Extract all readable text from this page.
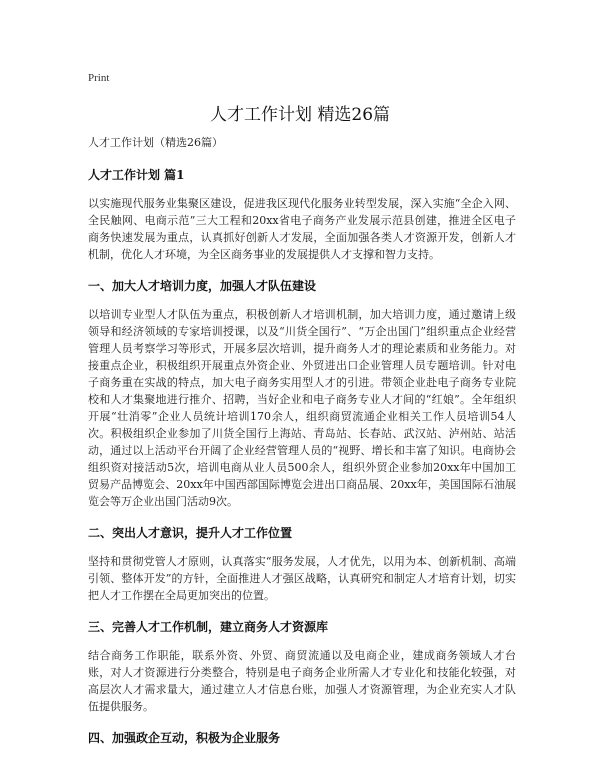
Print
人才工作计划 精选26篇
人才工作计划（精选26篇）
人才工作计划 篇1

以实施现代服务业集聚区建设，促进我区现代化服务业转型发展，深入实施“全企入网、全民触网、电商示范”三大工程和20xx省电子商务产业发展示范县创建，推进全区电子商务快速发展为重点，认真抓好创新人才发展，全面加强各类人才资源开发，创新人才机制，优化人才环境，为全区商务事业的发展提供人才支撑和智力支持。

一、加大人才培训力度，加强人才队伍建设

以培训专业型人才队伍为重点，积极创新人才培训机制，加大培训力度，通过邀请上级领导和经济领域的专家培训授课，以及“川货全国行”、“万企出国门”组织重点企业经营管理人员考察学习等形式，开展多层次培训，提升商务人才的理论素质和业务能力。对接重点企业，积极组织开展重点外资企业、外贸进出口企业管理人员专题培训。针对电子商务重在实战的特点，加大电子商务实用型人才的引进。带领企业赴电子商务专业院校和人才集聚地进行推介、招聘，当好企业和电子商务专业人才间的“红娘”。全年组织开展“壮消零”企业人员统计培训170余人，组织商贸流通企业相关工作人员培训54人次。积极组织企业参加了川货全国行上海站、青岛站、长春站、武汉站、泸州站、站活动，通过以上活动平台开阔了企业经营管理人员的“视野、增长和丰富了知识。电商协会组织资对接活动5次，培训电商从业人员500余人，组织外贸企业参加20xx年中国加工贸易产品博览会、20xx年中国西部国际博览会进出口商品展、20xx年，美国国际石油展览会等万企业出国门活动9次。

二、突出人才意识，提升人才工作位置

坚持和贯彻党管人才原则，认真落实“服务发展，人才优先，以用为本、创新机制、高端引领、整体开发”的方针，全面推进人才强区战略，认真研究和制定人才培育计划，切实把人才工作摆在全局更加突出的位置。

三、完善人才工作机制，建立商务人才资源库

结合商务工作职能，联系外资、外贸、商贸流通以及电商企业，建成商务领域人才台账，对人才资源进行分类整合，特别是电子商务企业所需人才专业化和技能化较强，对高层次人才需求量大，通过建立人才信息台账，加强人才资源管理，为企业充实人才队伍提供服务。

四、加强政企互动，积极为企业服务
